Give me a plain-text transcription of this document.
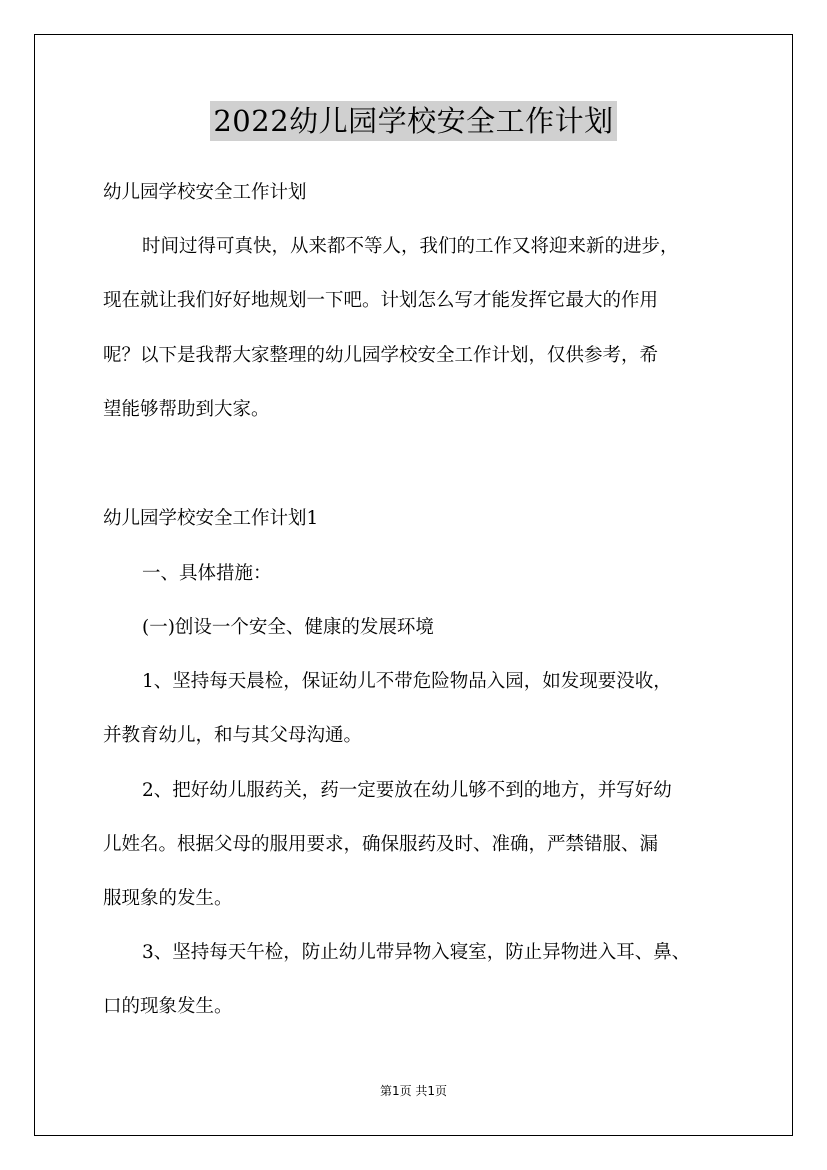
2022幼儿园学校安全工作计划
幼儿园学校安全工作计划
时间过得可真快，从来都不等人，我们的工作又将迎来新的进步，
现在就让我们好好地规划一下吧。计划怎么写才能发挥它最大的作用
呢？以下是我帮大家整理的幼儿园学校安全工作计划，仅供参考，希
望能够帮助到大家。
幼儿园学校安全工作计划1
一、具体措施：
(一)创设一个安全、健康的发展环境
1、坚持每天晨检，保证幼儿不带危险物品入园，如发现要没收，
并教育幼儿，和与其父母沟通。
2、把好幼儿服药关，药一定要放在幼儿够不到的地方，并写好幼
儿姓名。根据父母的服用要求，确保服药及时、准确，严禁错服、漏
服现象的发生。
3、坚持每天午检，防止幼儿带异物入寝室，防止异物进入耳、鼻、
口的现象发生。
第1页 共1页
